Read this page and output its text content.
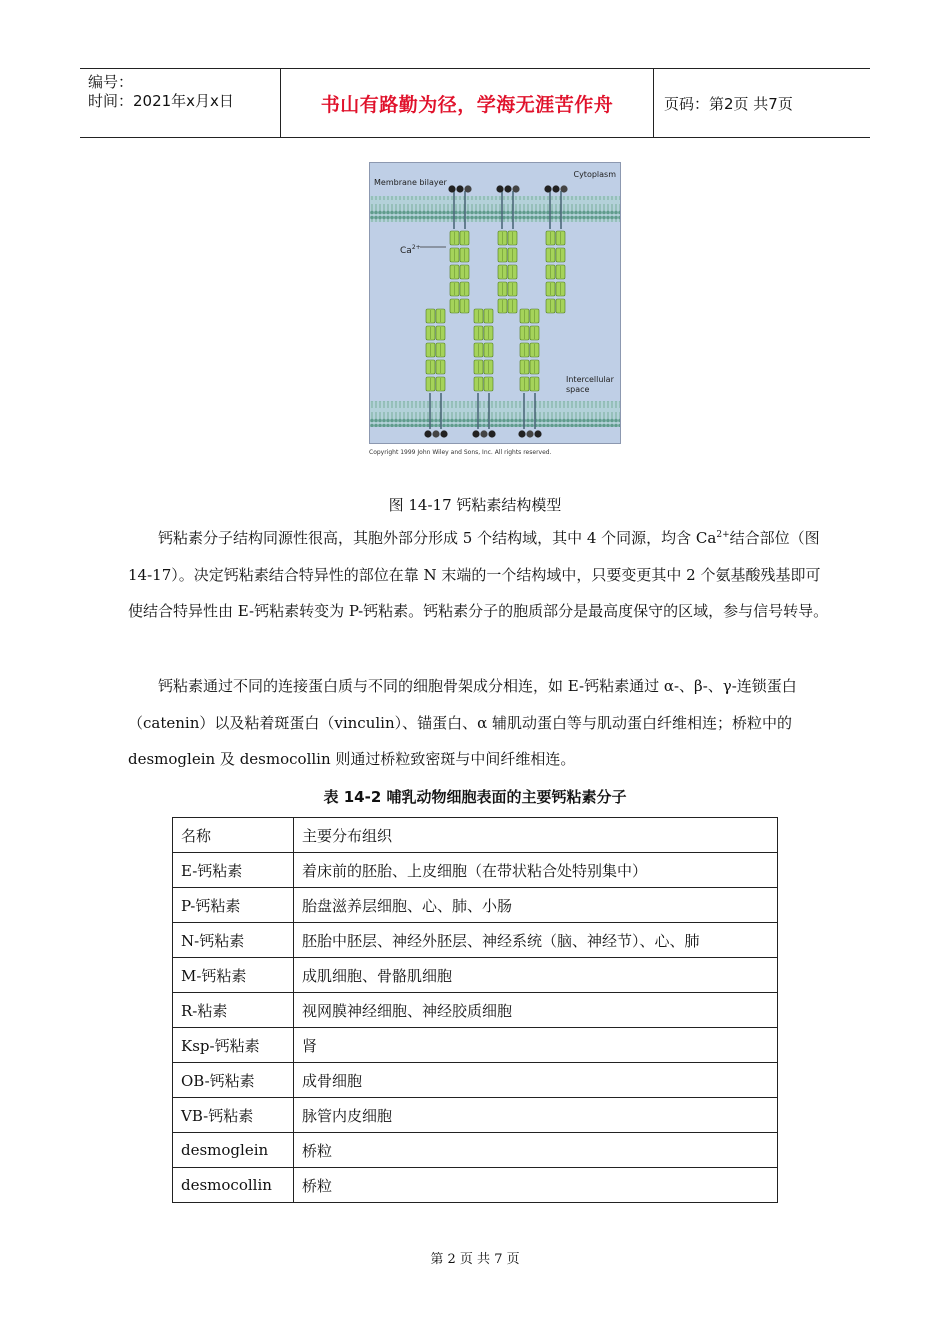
编号：
时间：2021年x月x日	书山有路勤为径，学海无涯苦作舟	页码：第2页 共7页
Membrane bilayer
Cytoplasm
$Ca^{2+}$
Intercellular
space
Copyright 1999 John Wiley and Sons, Inc. All rights reserved.
图 14-17 钙粘素结构模型

钙粘素分子结构同源性很高，其胞外部分形成 5 个结构域，其中 4 个同源，均含 $Ca^{2+}$结合部位（图 14-17）。决定钙粘素结合特异性的部位在靠 N 末端的一个结构域中，只要变更其中 2 个氨基酸残基即可使结合特异性由 E-钙粘素转变为 P-钙粘素。钙粘素分子的胞质部分是最高度保守的区域，参与信号转导。

钙粘素通过不同的连接蛋白质与不同的细胞骨架成分相连，如 E-钙粘素通过 α-、β-、γ-连锁蛋白（catenin）以及粘着斑蛋白（vinculin）、锚蛋白、α 辅肌动蛋白等与肌动蛋白纤维相连；桥粒中的 desmoglein 及 desmocollin 则通过桥粒致密斑与中间纤维相连。

表 14-2 哺乳动物细胞表面的主要钙粘素分子
名称	主要分布组织
E-钙粘素	着床前的胚胎、上皮细胞（在带状粘合处特别集中）
P-钙粘素	胎盘滋养层细胞、心、肺、小肠
N-钙粘素	胚胎中胚层、神经外胚层、神经系统（脑、神经节）、心、肺
M-钙粘素	成肌细胞、骨骼肌细胞
R-粘素	视网膜神经细胞、神经胶质细胞
Ksp-钙粘素	肾
OB-钙粘素	成骨细胞
VB-钙粘素	脉管内皮细胞
desmoglein	桥粒
desmocollin	桥粒
第 2 页 共 7 页
